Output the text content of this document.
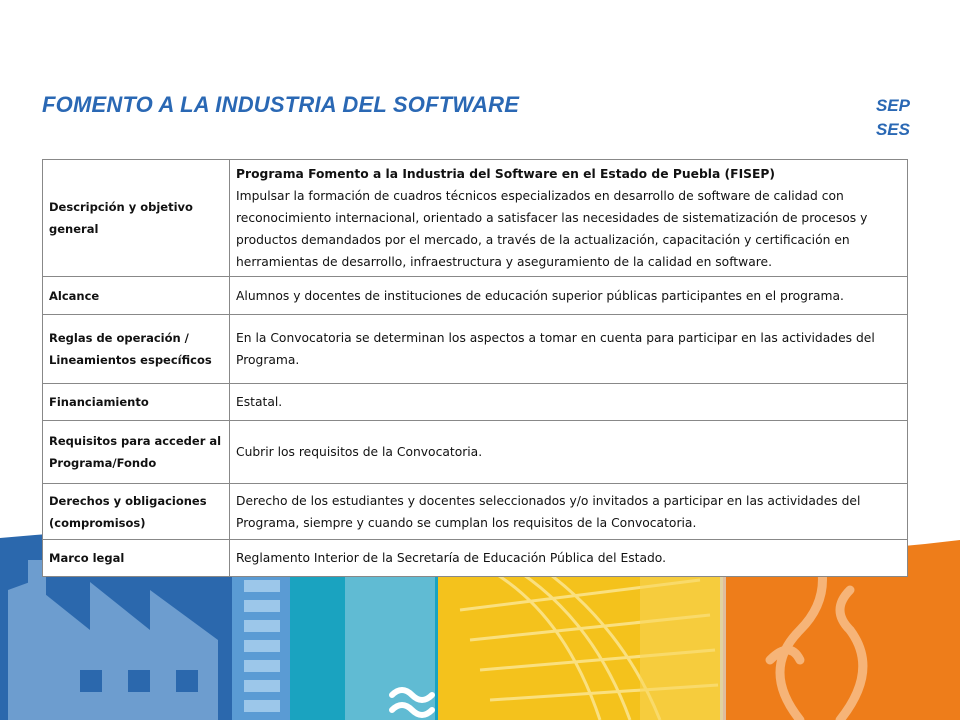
FOMENTO A LA INDUSTRIA DEL SOFTWARE	SEP
SES
Descripción y objetivo general	Programa Fomento a la Industria del Software en el Estado de Puebla (FISEP)
Impulsar la formación de cuadros técnicos especializados en desarrollo de software de calidad con reconocimiento internacional, orientado a satisfacer las necesidades de sistematización de procesos y productos demandados por el mercado, a través de la actualización, capacitación y certificación en herramientas de desarrollo, infraestructura y aseguramiento de la calidad en software.
Alcance	Alumnos y docentes de instituciones de educación superior públicas participantes en el programa.
Reglas de operación / Lineamientos específicos	En la Convocatoria se determinan los aspectos a tomar en cuenta para participar en las actividades del Programa.
Financiamiento	Estatal.
Requisitos para acceder al Programa/Fondo	Cubrir los requisitos de la Convocatoria.
Derechos y obligaciones (compromisos)	Derecho de los estudiantes y docentes seleccionados y/o invitados a participar en las actividades del Programa, siempre y cuando se cumplan los requisitos de la Convocatoria.
Marco legal	Reglamento Interior de la Secretaría de Educación Pública del Estado.
